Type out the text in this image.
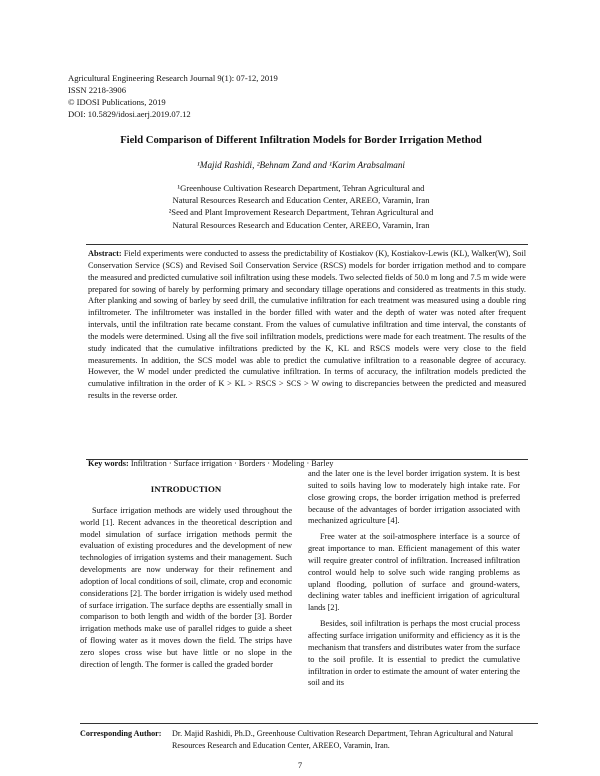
Agricultural Engineering Research Journal 9(1): 07-12, 2019
ISSN 2218-3906
© IDOSI Publications, 2019
DOI: 10.5829/idosi.aerj.2019.07.12
Field Comparison of Different Infiltration Models for Border Irrigation Method
¹Majid Rashidi, ²Behnam Zand and ¹Karim Arabsalmani
¹Greenhouse Cultivation Research Department, Tehran Agricultural and
Natural Resources Research and Education Center, AREEO, Varamin, Iran
²Seed and Plant Improvement Research Department, Tehran Agricultural and
Natural Resources Research and Education Center, AREEO, Varamin, Iran
Abstract: Field experiments were conducted to assess the predictability of Kostiakov (K), Kostiakov-Lewis (KL), Walker(W), Soil Conservation Service (SCS) and Revised Soil Conservation Service (RSCS) models for border irrigation method and to compare the measured and predicted cumulative soil infiltration using these models. Two selected fields of 50.0 m long and 7.5 m wide were prepared for sowing of barely by performing primary and secondary tillage operations and considered as treatments in this study. After planking and sowing of barley by seed drill, the cumulative infiltration for each treatment was measured using a double ring infiltrometer. The infiltrometer was installed in the border filled with water and the depth of water was noted after frequent intervals, until the infiltration rate became constant. From the values of cumulative infiltration and time interval, the constants of the models were determined. Using all the five soil infiltration models, predictions were made for each treatment. The results of the study indicated that the cumulative infiltrations predicted by the K, KL and RSCS models were very close to the field measurements. In addition, the SCS model was able to predict the cumulative infiltration to a reasonable degree of accuracy. However, the W model under predicted the cumulative infiltration. In terms of accuracy, the infiltration models predicted the cumulative infiltration in the order of K > KL > RSCS > SCS > W owing to discrepancies between the predicted and measured results in the reverse order.
Key words: Infiltration · Surface irrigation · Borders · Modeling · Barley
INTRODUCTION

Surface irrigation methods are widely used throughout the world [1]. Recent advances in the theoretical description and model simulation of surface irrigation methods permit the evaluation of existing procedures and the development of new technologies of irrigation systems and their management. Such developments are now underway for their refinement and adoption of local conditions of soil, climate, crop and economic considerations [2]. The border irrigation is widely used method of surface irrigation. The surface depths are essentially small in comparison to both length and width of the border [3]. Border irrigation methods make use of parallel ridges to guide a sheet of flowing water as it moves down the field. The strips have zero slopes cross wise but have little or no slope in the direction of length. The former is called the graded border

and the later one is the level border irrigation system. It is best suited to soils having low to moderately high intake rate. For close growing crops, the border irrigation method is preferred because of the advantages of border irrigation associated with mechanized agriculture [4].

Free water at the soil-atmosphere interface is a source of great importance to man. Efficient management of this water will require greater control of infiltration. Increased infiltration control would help to solve such wide ranging problems as upland flooding, pollution of surface and ground-waters, declining water tables and inefficient irrigation of agricultural lands [2].

Besides, soil infiltration is perhaps the most crucial process affecting surface irrigation uniformity and efficiency as it is the mechanism that transfers and distributes water from the surface to the soil profile. It is essential to predict the cumulative infiltration in order to estimate the amount of water entering the soil and its

Corresponding Author: Dr. Majid Rashidi, Ph.D., Greenhouse Cultivation Research Department, Tehran Agricultural and Natural Resources Research and Education Center, AREEO, Varamin, Iran.
7
